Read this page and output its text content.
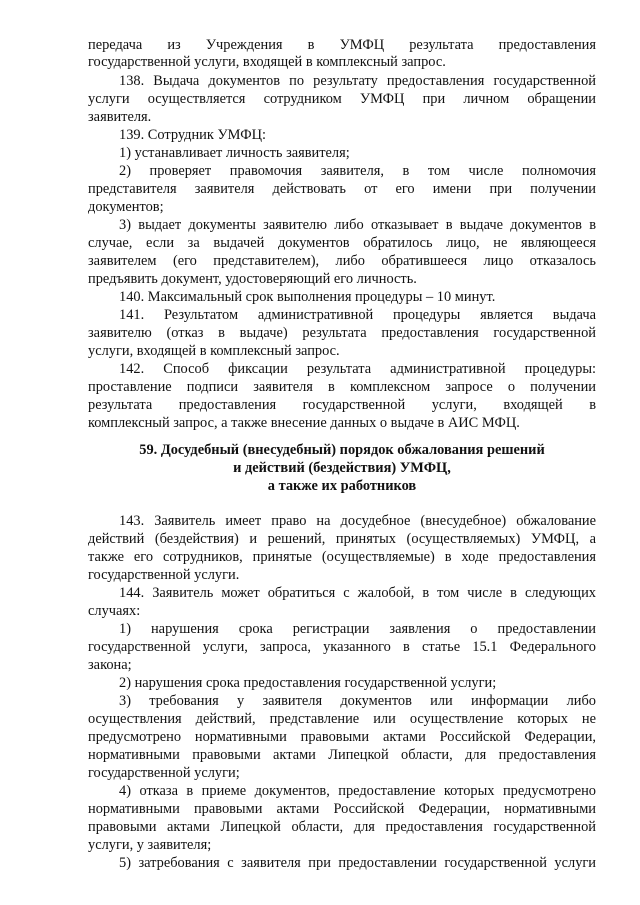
передача из Учреждения в УМФЦ результата предоставления
государственной услуги, входящей в комплексный запрос.
138. Выдача документов по результату предоставления государственной
услуги осуществляется сотрудником УМФЦ при личном обращении
заявителя.
139. Сотрудник УМФЦ:
1) устанавливает личность заявителя;
2) проверяет правомочия заявителя, в том числе полномочия
представителя заявителя действовать от его имени при получении
документов;
3) выдает документы заявителю либо отказывает в выдаче документов в
случае, если за выдачей документов обратилось лицо, не являющееся
заявителем (его представителем), либо обратившееся лицо отказалось
предъявить документ, удостоверяющий его личность.
140. Максимальный срок выполнения процедуры – 10 минут.
141. Результатом административной процедуры является выдача
заявителю (отказ в выдаче) результата предоставления государственной
услуги, входящей в комплексный запрос.
142. Способ фиксации результата административной процедуры:
проставление подписи заявителя в комплексном запросе о получении
результата предоставления государственной услуги, входящей в
комплексный запрос, а также внесение данных о выдаче в АИС МФЦ.
59. Досудебный (внесудебный) порядок обжалования решений
и действий (бездействия) УМФЦ,
а также их работников
143. Заявитель имеет право на досудебное (внесудебное) обжалование
действий (бездействия) и решений, принятых (осуществляемых) УМФЦ, а
также его сотрудников, принятые (осуществляемые) в ходе предоставления
государственной услуги.
144. Заявитель может обратиться с жалобой, в том числе в следующих
случаях:
1) нарушения срока регистрации заявления о предоставлении
государственной услуги, запроса, указанного в статье 15.1 Федерального
закона;
2) нарушения срока предоставления государственной услуги;
3) требования у заявителя документов или информации либо
осуществления действий, представление или осуществление которых не
предусмотрено нормативными правовыми актами Российской Федерации,
нормативными правовыми актами Липецкой области, для предоставления
государственной услуги;
4) отказа в приеме документов, предоставление которых предусмотрено
нормативными правовыми актами Российской Федерации, нормативными
правовыми актами Липецкой области, для предоставления государственной
услуги, у заявителя;
5) затребования с заявителя при предоставлении государственной услуги
